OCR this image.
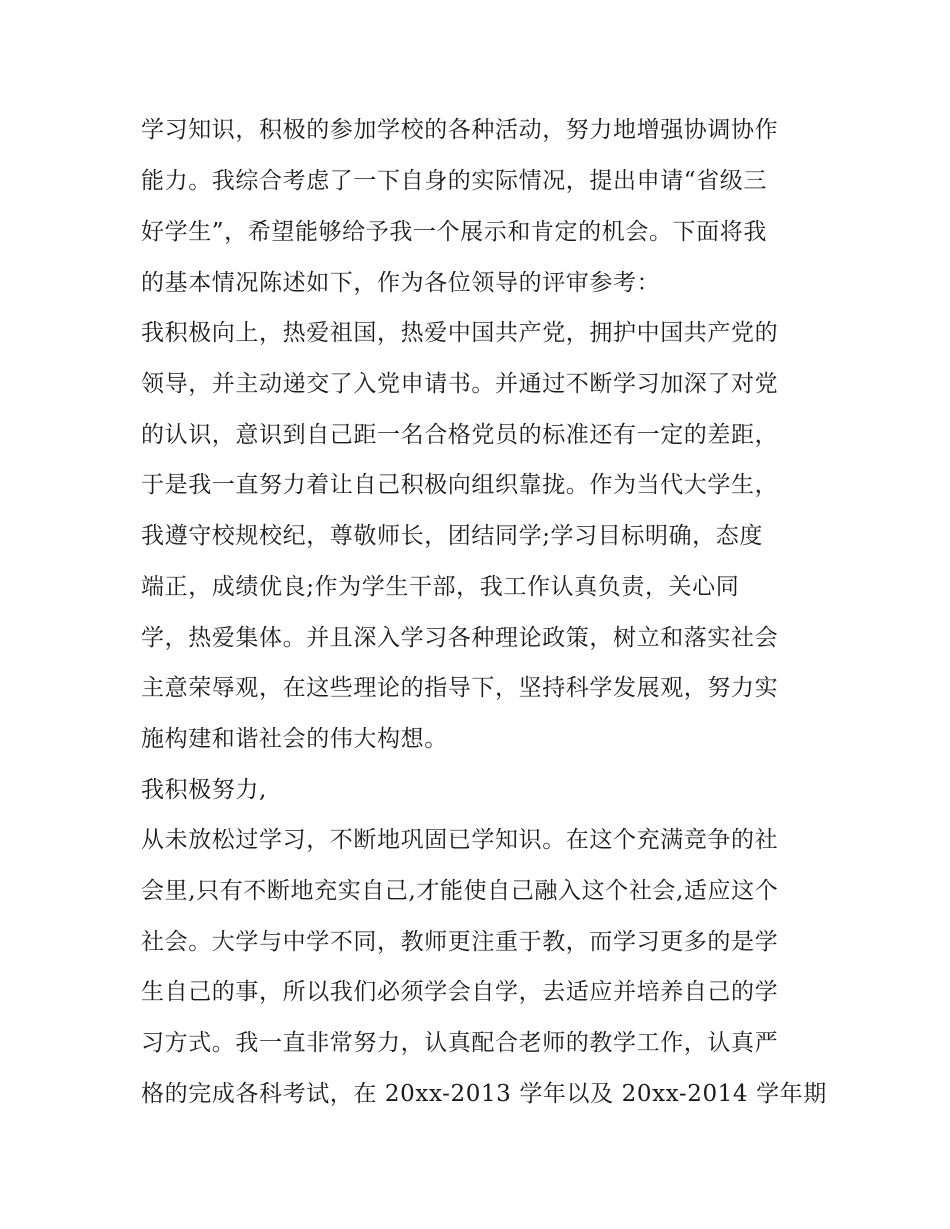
学习知识，积极的参加学校的各种活动，努力地增强协调协作
能力。我综合考虑了一下自身的实际情况，提出申请“省级三
好学生”，希望能够给予我一个展示和肯定的机会。下面将我
的基本情况陈述如下，作为各位领导的评审参考：
我积极向上，热爱祖国，热爱中国共产党，拥护中国共产党的
领导，并主动递交了入党申请书。并通过不断学习加深了对党
的认识，意识到自己距一名合格党员的标准还有一定的差距，
于是我一直努力着让自己积极向组织靠拢。作为当代大学生，
我遵守校规校纪，尊敬师长，团结同学;学习目标明确，态度
端正，成绩优良;作为学生干部，我工作认真负责，关心同
学，热爱集体。并且深入学习各种理论政策，树立和落实社会
主意荣辱观，在这些理论的指导下，坚持科学发展观，努力实
施构建和谐社会的伟大构想。
我积极努力,
从未放松过学习，不断地巩固已学知识。在这个充满竞争的社
会里,只有不断地充实自己,才能使自己融入这个社会,适应这个
社会。大学与中学不同，教师更注重于教，而学习更多的是学
生自己的事，所以我们必须学会自学，去适应并培养自己的学
习方式。我一直非常努力，认真配合老师的教学工作，认真严
格的完成各科考试，在 20xx-2013 学年以及 20xx-2014 学年期
